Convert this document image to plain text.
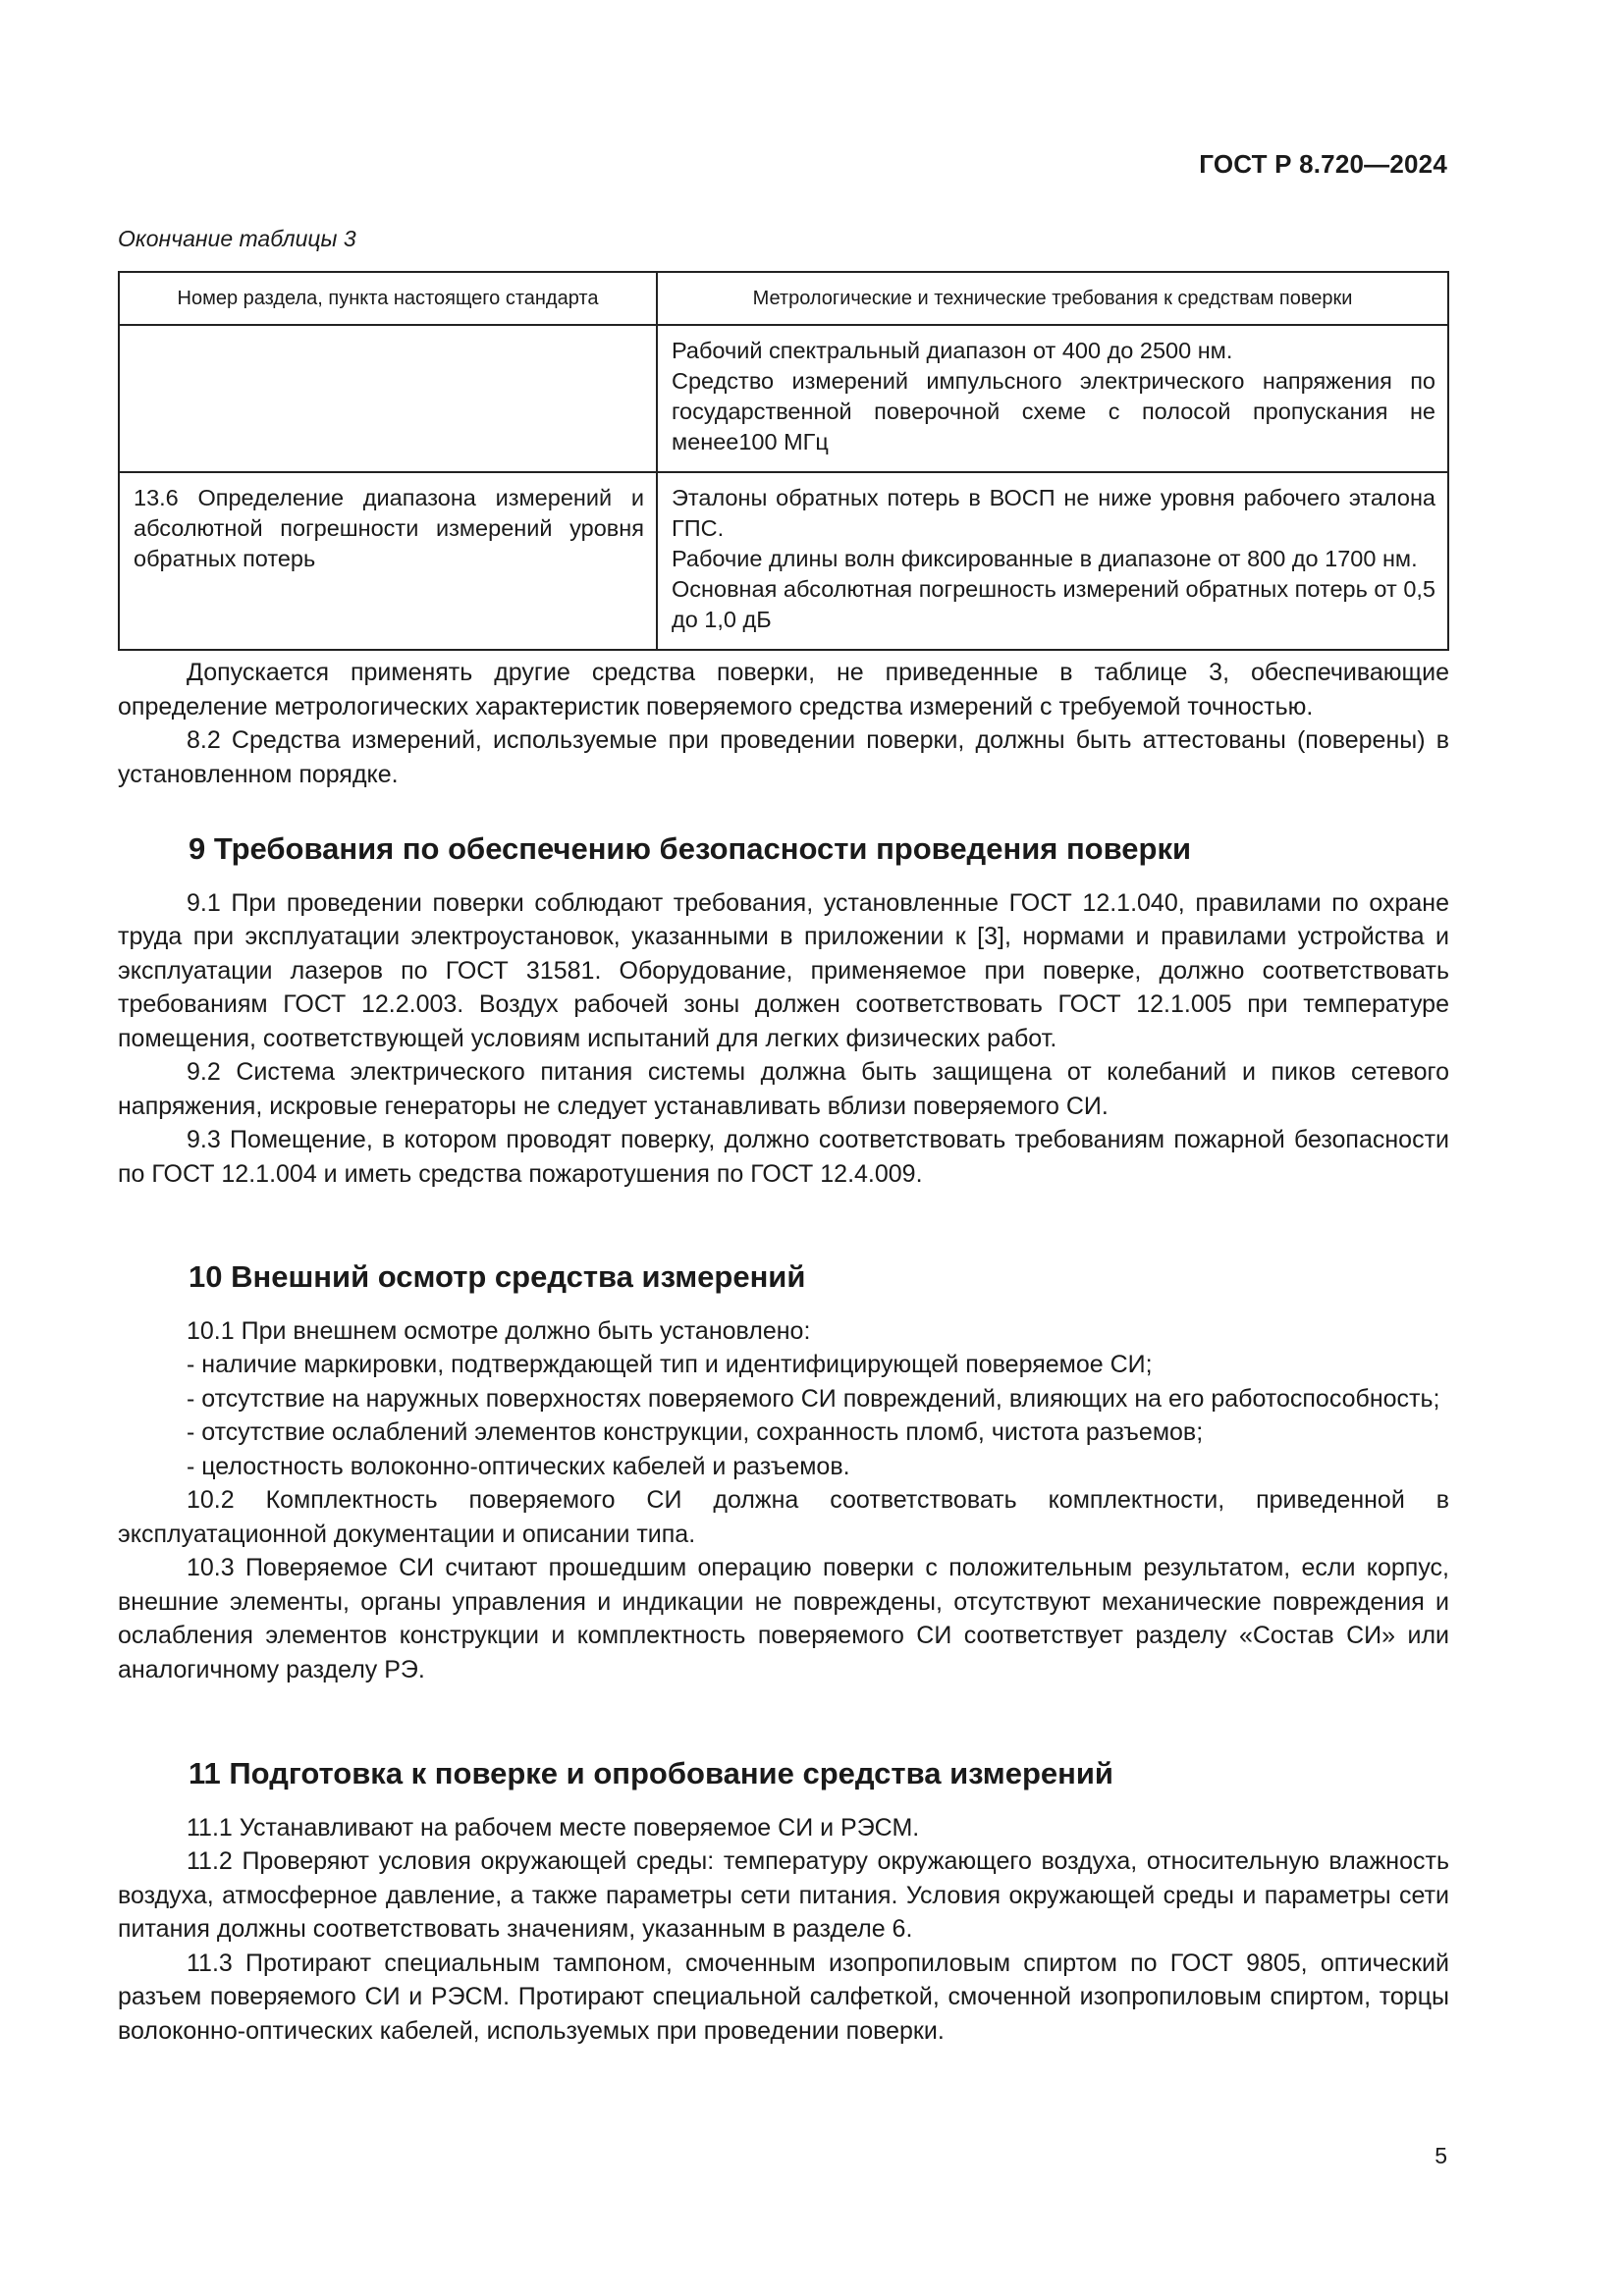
ГОСТ Р 8.720—2024
Окончание таблицы 3
Номер раздела, пункта настоящего стандарта	Метрологические и технические требования к средствам поверки

	Рабочий спектральный диапазон от 400 до 2500 нм.
Средство измерений импульсного электрического напряжения по государственной поверочной схеме с полосой пропускания не менее100 МГц

13.6 Определение диапазона измерений и абсолютной погрешности измерений уровня обратных потерь	Эталоны обратных потерь в ВОСП не ниже уровня рабочего эталона ГПС.
Рабочие длины волн фиксированные в диапазоне от 800 до 1700 нм.
Основная абсолютная погрешность измерений обратных потерь от 0,5 до 1,0 дБ

Допускается применять другие средства поверки, не приведенные в таблице 3, обеспечивающие определение метрологических характеристик поверяемого средства измерений с требуемой точностью.

8.2 Средства измерений, используемые при проведении поверки, должны быть аттестованы (поверены) в установленном порядке.

9 Требования по обеспечению безопасности проведения поверки

9.1 При проведении поверки соблюдают требования, установленные ГОСТ 12.1.040, правилами по охране труда при эксплуатации электроустановок, указанными в приложении к [3], нормами и правилами устройства и эксплуатации лазеров по ГОСТ 31581. Оборудование, применяемое при поверке, должно соответствовать требованиям ГОСТ 12.2.003. Воздух рабочей зоны должен соответствовать ГОСТ 12.1.005 при температуре помещения, соответствующей условиям испытаний для легких физических работ.

9.2 Система электрического питания системы должна быть защищена от колебаний и пиков сетевого напряжения, искровые генераторы не следует устанавливать вблизи поверяемого СИ.

9.3 Помещение, в котором проводят поверку, должно соответствовать требованиям пожарной безопасности по ГОСТ 12.1.004 и иметь средства пожаротушения по ГОСТ 12.4.009.

10 Внешний осмотр средства измерений

10.1 При внешнем осмотре должно быть установлено:

- наличие маркировки, подтверждающей тип и идентифицирующей поверяемое СИ;

- отсутствие на наружных поверхностях поверяемого СИ повреждений, влияющих на его работоспособность;

- отсутствие ослаблений элементов конструкции, сохранность пломб, чистота разъемов;

- целостность волоконно-оптических кабелей и разъемов.

10.2 Комплектность поверяемого СИ должна соответствовать комплектности, приведенной в эксплуатационной документации и описании типа.

10.3 Поверяемое СИ считают прошедшим операцию поверки с положительным результатом, если корпус, внешние элементы, органы управления и индикации не повреждены, отсутствуют механические повреждения и ослабления элементов конструкции и комплектность поверяемого СИ соответствует разделу «Состав СИ» или аналогичному разделу РЭ.

11 Подготовка к поверке и опробование средства измерений

11.1 Устанавливают на рабочем месте поверяемое СИ и РЭСМ.

11.2 Проверяют условия окружающей среды: температуру окружающего воздуха, относительную влажность воздуха, атмосферное давление, а также параметры сети питания. Условия окружающей среды и параметры сети питания должны соответствовать значениям, указанным в разделе 6.

11.3 Протирают специальным тампоном, смоченным изопропиловым спиртом по ГОСТ 9805, оптический разъем поверяемого СИ и РЭСМ. Протирают специальной салфеткой, смоченной изопропиловым спиртом, торцы волоконно-оптических кабелей, используемых при проведении поверки.

5
